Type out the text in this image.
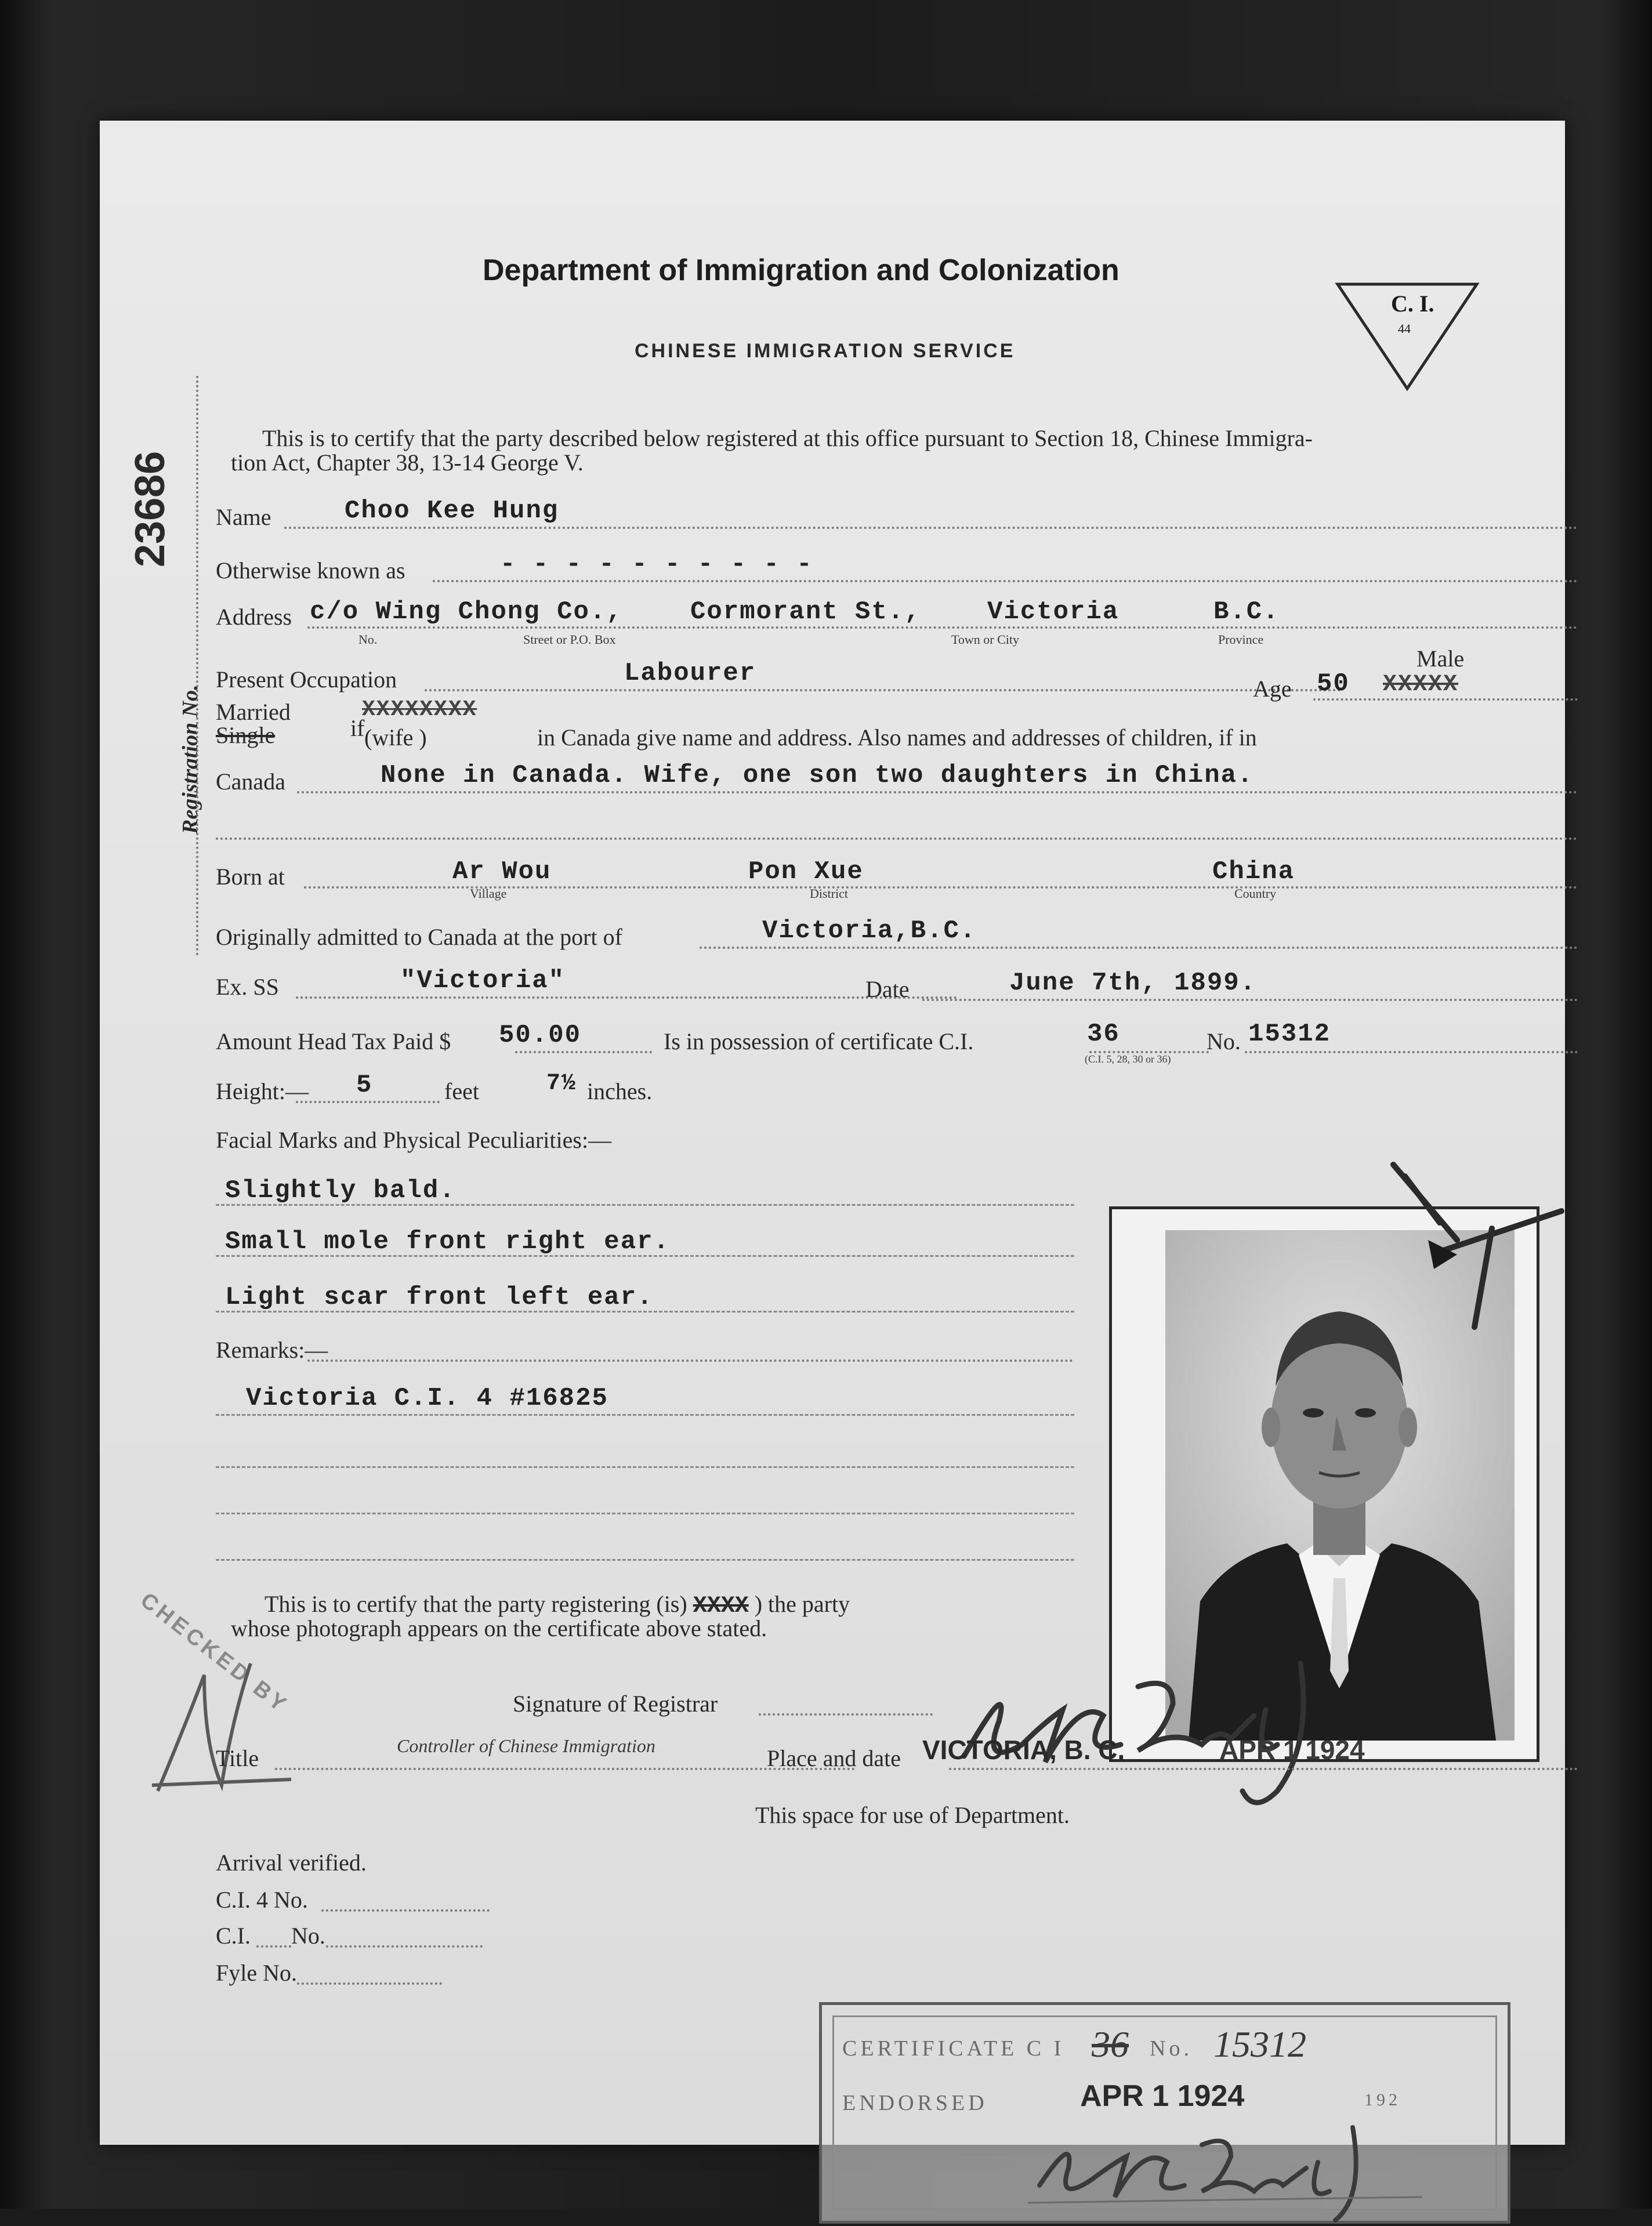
Department of Immigration and Colonization
CHINESE IMMIGRATION SERVICE
C. I.
44
23686
Registration No.
This is to certify that the party described below registered at this office pursuant to Section 18, Chinese Immigra-
tion Act, Chapter 38, 13-14 George V.
Name	Choo Kee Hung
Otherwise known as	- - - - - - - - - -
Address c/o Wing Chong Co.,	Cormorant St.,	Victoria	B.C.
No.	Street or P.O. Box	Town or City	Province
Present Occupation	Labourer
Age 50
Male
XXXXX
Married
Single	if
XXXXXXXX
(wife )	in Canada give name and address. Also names and addresses of children, if in
Canada	None in Canada. Wife, one son two daughters in China.
Born at	Ar Wou	Pon Xue	China
Village	District	Country
Originally admitted to Canada at the port of	Victoria,B.C.
Ex. SS	"Victoria"	Date	June 7th, 1899.
Amount Head Tax Paid $ 50.00	Is in possession of certificate C.I.	36	No. 15312
(C.I. 5, 28, 30 or 36)
Height:— 5	feet	7½ inches.
Facial Marks and Physical Peculiarities:—
Slightly bald.
Small mole front right ear.
Light scar front left ear.
Remarks:—
Victoria C.I. 4 #16825
This is to certify that the party registering (is) XXXX ) the party
whose photograph appears on the certificate above stated.
CHECKED BY	Signature of Registrar
Title	Controller of Chinese Immigration	Place and date VICTORIA, B. C.	APR 1 1924
This space for use of Department.
Arrival verified.
C.I. 4 No.
C.I. No.
Fyle No.
CERTIFICATE C I 36 No. 15312
ENDORSED	APR 1 1924	192
